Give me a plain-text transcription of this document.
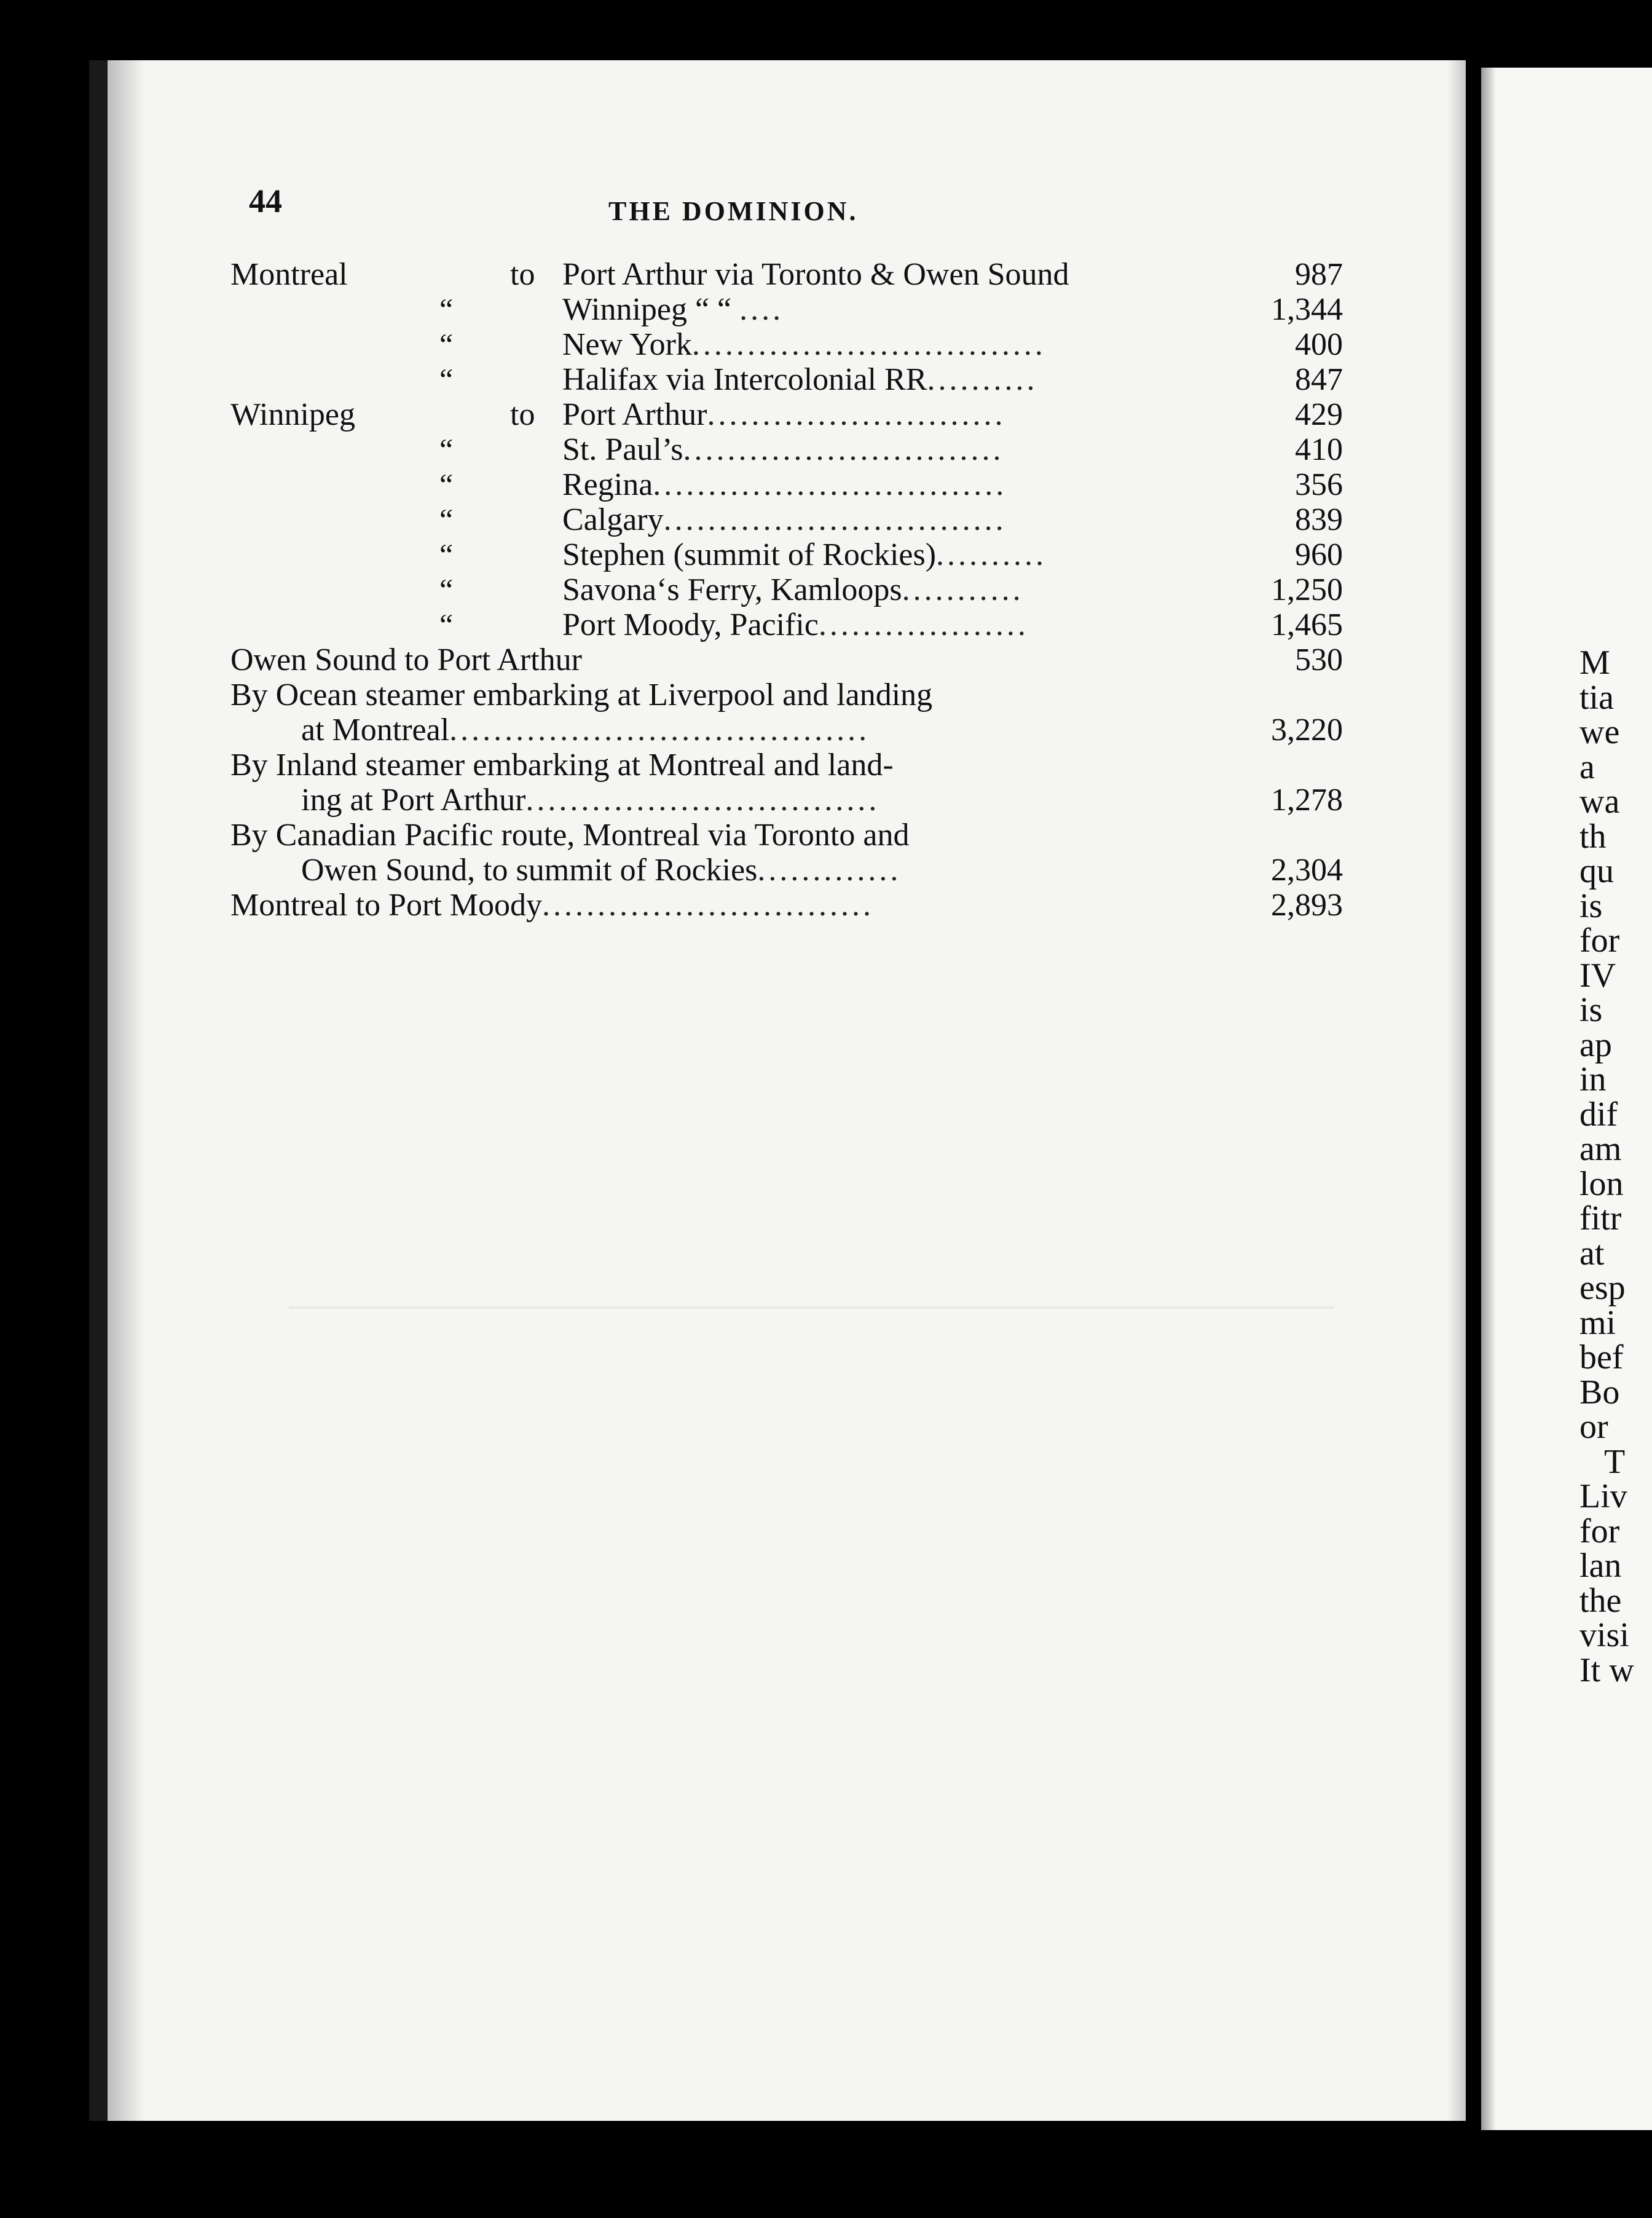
44	THE DOMINION.
Montreal	to Port Arthur via Toronto & Owen Sound	987
“	Winnipeg “ “ ....	1,344
“	New York................................	400
“	Halifax via Intercolonial RR..........	847
Winnipeg	to Port Arthur...........................	429
“	St. Paul’s.............................	410
“	Regina................................	356
“	Calgary...............................	839
“	Stephen (summit of Rockies)..........	960
“	Savona‘s Ferry, Kamloops...........	1,250
“	Port Moody, Pacific...................	1,465
Owen Sound to Port Arthur	530
By Ocean steamer embarking at Liverpool and landing
at Montreal......................................	3,220
By Inland steamer embarking at Montreal and land-
ing at Port Arthur................................	1,278
By Canadian Pacific route, Montreal via Toronto and
Owen Sound, to summit of Rockies.............	2,304
Montreal to Port Moody..............................	2,893
M
tia
we
a
wa
th
qu
is
for
IV
is
ap
in
dif
am
lon
fitr
at
esp
mi
bef
Bo
or
T
Liv
for
lan
the
visi
It w
